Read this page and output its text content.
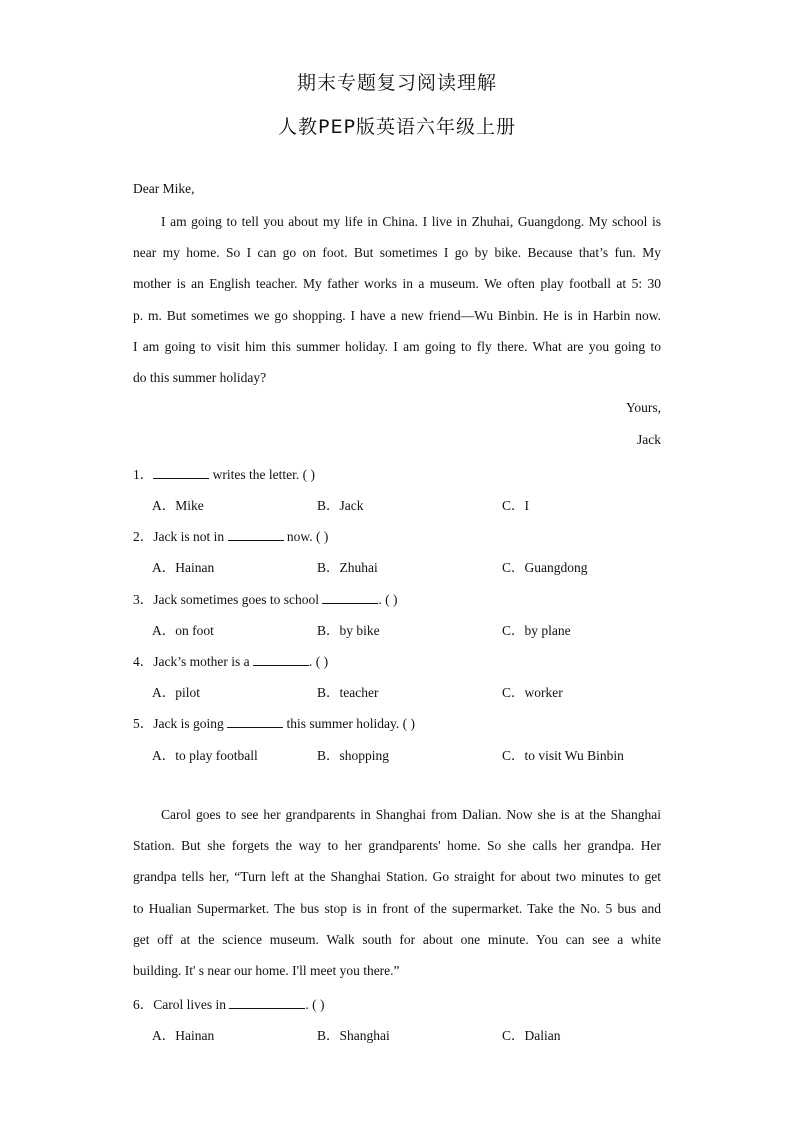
期末专题复习阅读理解
人教PEP版英语六年级上册
Dear Mike,
I am going to tell you about my life in China. I live in Zhuhai, Guangdong. My school is
near my home. So I can go on foot. But sometimes I go by bike. Because that’s fun. My
mother is an English teacher. My father works in a museum. We often play football at 5: 30
p. m. But sometimes we go shopping. I have a new friend—Wu Binbin. He is in Harbin now.
I am going to visit him this summer holiday. I am going to fly there. What are you going to
do this summer holiday?
Yours,
Jack
1．	writes the letter. ( )
A．Mike	B．Jack	C．I
2．Jack is not in	now. ( )
A．Hainan	B．Zhuhai	C．Guangdong
3．Jack sometimes goes to school	. ( )
A．on foot	B．by bike	C．by plane
4．Jack’s mother is a	. ( )
A．pilot	B．teacher	C．worker
5．Jack is going	this summer holiday. ( )
A．to play football	B．shopping	C．to visit Wu Binbin
Carol goes to see her grandparents in Shanghai from Dalian. Now she is at the Shanghai
Station. But she forgets the way to her grandparents' home. So she calls her grandpa. Her
grandpa tells her, “Turn left at the Shanghai Station. Go straight for about two minutes to get
to Hualian Supermarket. The bus stop is in front of the supermarket. Take the No. 5 bus and
get off at the science museum. Walk south for about one minute. You can see a white
building. It' s near our home. I'll meet you there.”
6．Carol lives in	. ( )
A．Hainan	B．Shanghai	C．Dalian
